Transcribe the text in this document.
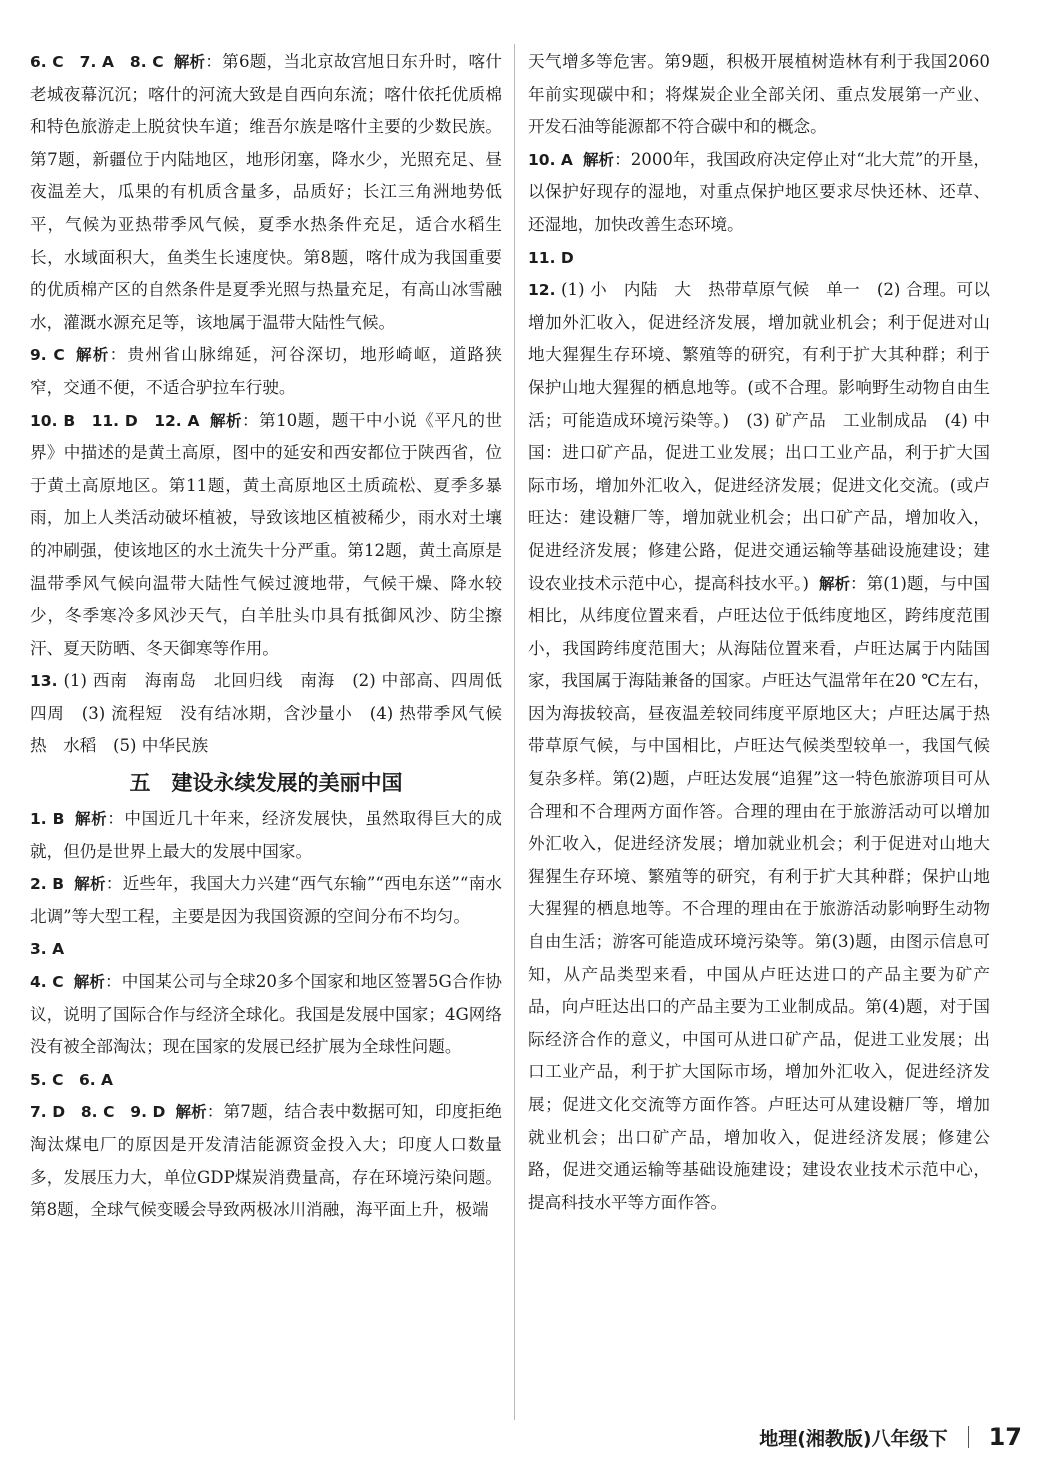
6. C　7. A　8. C 解析：第6题，当北京故宫旭日东升时，喀什老城夜幕沉沉；喀什的河流大致是自西向东流；喀什依托优质棉和特色旅游走上脱贫快车道；维吾尔族是喀什主要的少数民族。第7题，新疆位于内陆地区，地形闭塞，降水少，光照充足、昼夜温差大，瓜果的有机质含量多，品质好；长江三角洲地势低平，气候为亚热带季风气候，夏季水热条件充足，适合水稻生长，水域面积大，鱼类生长速度快。第8题，喀什成为我国重要的优质棉产区的自然条件是夏季光照与热量充足，有高山冰雪融水，灌溉水源充足等，该地属于温带大陆性气候。

9. C 解析：贵州省山脉绵延，河谷深切，地形崎岖，道路狭窄，交通不便，不适合驴拉车行驶。

10. B　11. D　12. A 解析：第10题，题干中小说《平凡的世界》中描述的是黄土高原，图中的延安和西安都位于陕西省，位于黄土高原地区。第11题，黄土高原地区土质疏松、夏季多暴雨，加上人类活动破坏植被，导致该地区植被稀少，雨水对土壤的冲刷强，使该地区的水土流失十分严重。第12题，黄土高原是温带季风气候向温带大陆性气候过渡地带，气候干燥、降水较少，冬季寒冷多风沙天气，白羊肚头巾具有抵御风沙、防尘擦汗、夏天防晒、冬天御寒等作用。

13. (1) 西南　海南岛　北回归线　南海　(2) 中部高、四周低　四周　(3) 流程短　没有结冰期，含沙量小　(4) 热带季风气候　热　水稻　(5) 中华民族

五　建设永续发展的美丽中国

1. B 解析：中国近几十年来，经济发展快，虽然取得巨大的成就，但仍是世界上最大的发展中国家。

2. B 解析：近些年，我国大力兴建“西气东输”“西电东送”“南水北调”等大型工程，主要是因为我国资源的空间分布不均匀。

3. A

4. C 解析：中国某公司与全球20多个国家和地区签署5G合作协议，说明了国际合作与经济全球化。我国是发展中国家；4G网络没有被全部淘汰；现在国家的发展已经扩展为全球性问题。

5. C　6. A

7. D　8. C　9. D 解析：第7题，结合表中数据可知，印度拒绝淘汰煤电厂的原因是开发清洁能源资金投入大；印度人口数量多，发展压力大，单位GDP煤炭消费量高，存在环境污染问题。第8题，全球气候变暖会导致两极冰川消融，海平面上升，极端

天气增多等危害。第9题，积极开展植树造林有利于我国2060年前实现碳中和；将煤炭企业全部关闭、重点发展第一产业、开发石油等能源都不符合碳中和的概念。

10. A 解析：2000年，我国政府决定停止对“北大荒”的开垦，以保护好现存的湿地，对重点保护地区要求尽快还林、还草、还湿地，加快改善生态环境。

11. D

12. (1) 小　内陆　大　热带草原气候　单一　(2) 合理。可以增加外汇收入，促进经济发展，增加就业机会；利于促进对山地大猩猩生存环境、繁殖等的研究，有利于扩大其种群；利于保护山地大猩猩的栖息地等。(或不合理。影响野生动物自由生活；可能造成环境污染等。)　(3) 矿产品　工业制成品　(4) 中国：进口矿产品，促进工业发展；出口工业产品，利于扩大国际市场，增加外汇收入，促进经济发展；促进文化交流。(或卢旺达：建设糖厂等，增加就业机会；出口矿产品，增加收入，促进经济发展；修建公路，促进交通运输等基础设施建设；建设农业技术示范中心，提高科技水平。) 解析：第(1)题，与中国相比，从纬度位置来看，卢旺达位于低纬度地区，跨纬度范围小，我国跨纬度范围大；从海陆位置来看，卢旺达属于内陆国家，我国属于海陆兼备的国家。卢旺达气温常年在20 ℃左右，因为海拔较高，昼夜温差较同纬度平原地区大；卢旺达属于热带草原气候，与中国相比，卢旺达气候类型较单一，我国气候复杂多样。第(2)题，卢旺达发展“追猩”这一特色旅游项目可从合理和不合理两方面作答。合理的理由在于旅游活动可以增加外汇收入，促进经济发展；增加就业机会；利于促进对山地大猩猩生存环境、繁殖等的研究，有利于扩大其种群；保护山地大猩猩的栖息地等。不合理的理由在于旅游活动影响野生动物自由生活；游客可能造成环境污染等。第(3)题，由图示信息可知，从产品类型来看，中国从卢旺达进口的产品主要为矿产品，向卢旺达出口的产品主要为工业制成品。第(4)题，对于国际经济合作的意义，中国可从进口矿产品，促进工业发展；出口工业产品，利于扩大国际市场，增加外汇收入，促进经济发展；促进文化交流等方面作答。卢旺达可从建设糖厂等，增加就业机会；出口矿产品，增加收入，促进经济发展；修建公路，促进交通运输等基础设施建设；建设农业技术示范中心，提高科技水平等方面作答。

地理(湘教版)八年级下 17
